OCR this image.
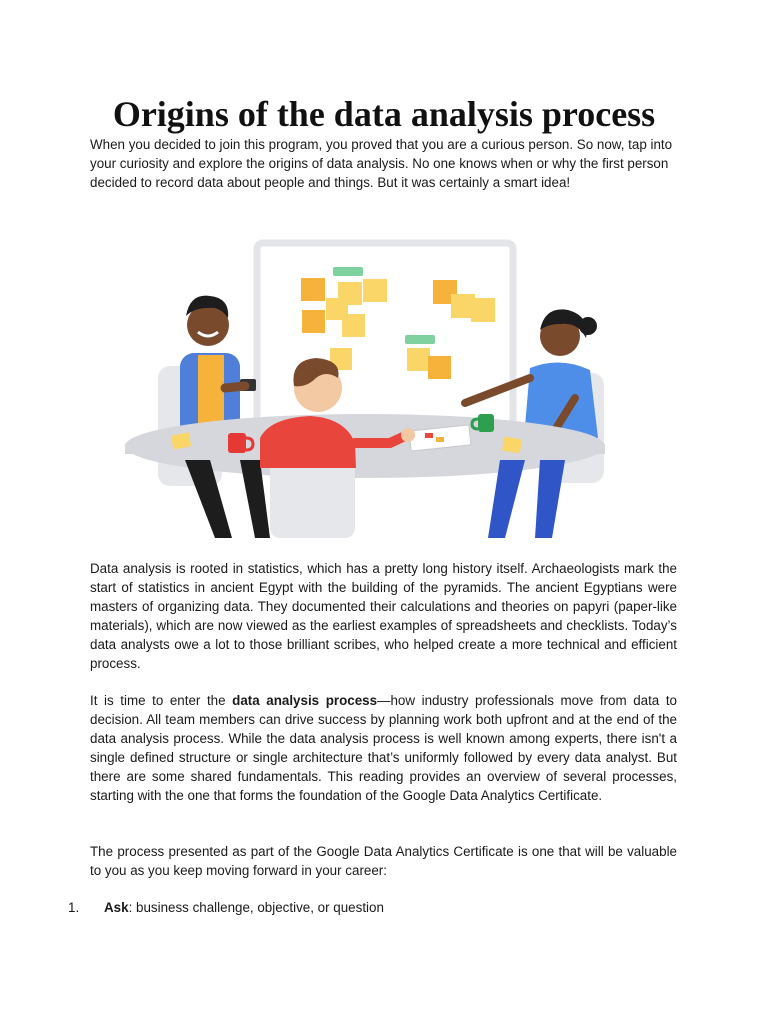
Origins of the data analysis process

When you decided to join this program, you proved that you are a curious person. So now, tap into your curiosity and explore the origins of data analysis. No one knows when or why the first person decided to record data about people and things. But it was certainly a smart idea!

Data analysis is rooted in statistics, which has a pretty long history itself. Archaeologists mark the start of statistics in ancient Egypt with the building of the pyramids. The ancient Egyptians were masters of organizing data. They documented their calculations and theories on papyri (paper-like materials), which are now viewed as the earliest examples of spreadsheets and checklists. Today’s data analysts owe a lot to those brilliant scribes, who helped create a more technical and efficient process.

It is time to enter the data analysis process—how industry professionals move from data to decision. All team members can drive success by planning work both upfront and at the end of the data analysis process. While the data analysis process is well known among experts, there isn't a single defined structure or single architecture that’s uniformly followed by every data analyst. But there are some shared fundamentals. This reading provides an overview of several processes, starting with the one that forms the foundation of the Google Data Analytics Certificate.

The process presented as part of the Google Data Analytics Certificate is one that will be valuable to you as you keep moving forward in your career:

1.	Ask: business challenge, objective, or question
